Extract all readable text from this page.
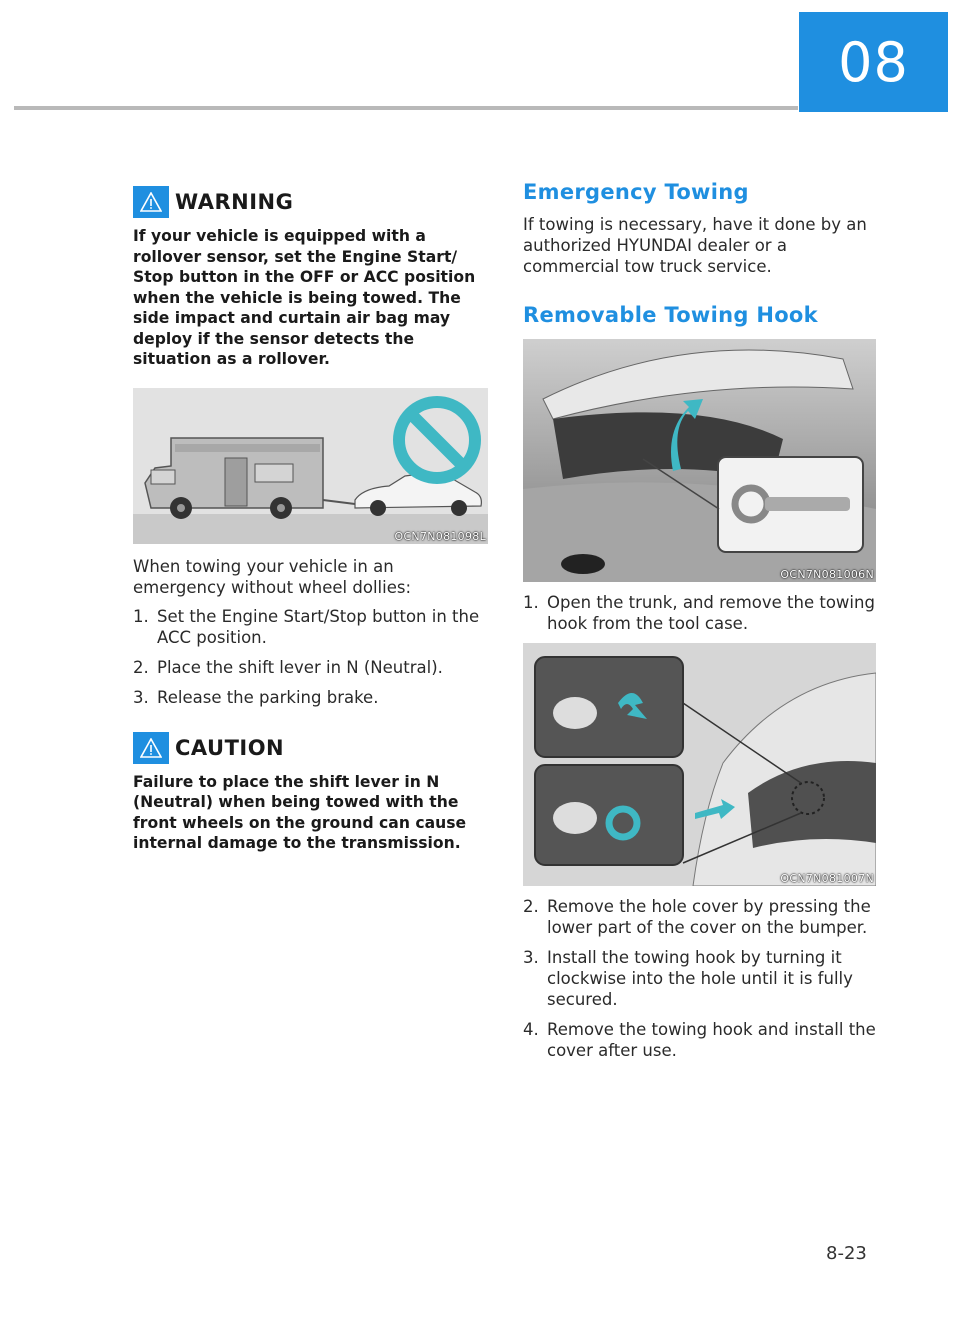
08
WARNING

If your vehicle is equipped with a rollover sensor, set the Engine Start/ Stop button in the OFF or ACC position when the vehicle is being towed. The side impact and curtain air bag may deploy if the sensor detects the situation as a rollover.

OCN7N081098L

When towing your vehicle in an emergency without wheel dollies:

1. Set the Engine Start/Stop button in the ACC position.
2. Place the shift lever in N (Neutral).
3. Release the parking brake.
CAUTION

Failure to place the shift lever in N (Neutral) when being towed with the front wheels on the ground can cause internal damage to the transmission.

Emergency Towing

If towing is necessary, have it done by an authorized HYUNDAI dealer or a commercial tow truck service.

Removable Towing Hook
OCN7N081006N
1. Open the trunk, and remove the towing hook from the tool case.
OCN7N081007N
2. Remove the hole cover by pressing the lower part of the cover on the bumper.
3. Install the towing hook by turning it clockwise into the hole until it is fully secured.
4. Remove the towing hook and install the cover after use.
8-23
